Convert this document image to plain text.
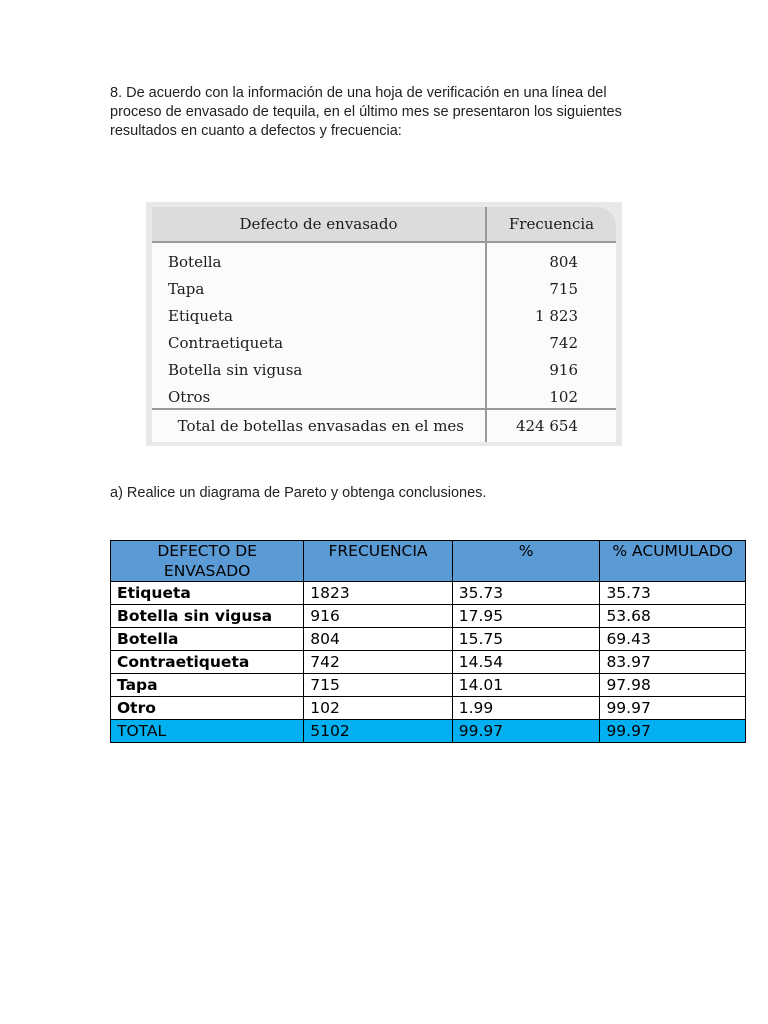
8. De acuerdo con la información de una hoja de verificación en una línea del

proceso de envasado de tequila, en el último mes se presentaron los siguientes

resultados en cuanto a defectos y frecuencia:

Defecto de envasado	Frecuencia
Botella	804
Tapa	715
Etiqueta	1 823
Contraetiqueta	742
Botella sin vigusa	916
Otros	102
Total de botellas envasadas en el mes	424 654
a) Realice un diagrama de Pareto y obtenga conclusiones.
DEFECTO DE ENVASADO	FRECUENCIA	%	% ACUMULADO
Etiqueta	1823	35.73	35.73
Botella sin vigusa	916	17.95	53.68
Botella	804	15.75	69.43
Contraetiqueta	742	14.54	83.97
Tapa	715	14.01	97.98
Otro	102	1.99	99.97
TOTAL	5102	99.97	99.97
